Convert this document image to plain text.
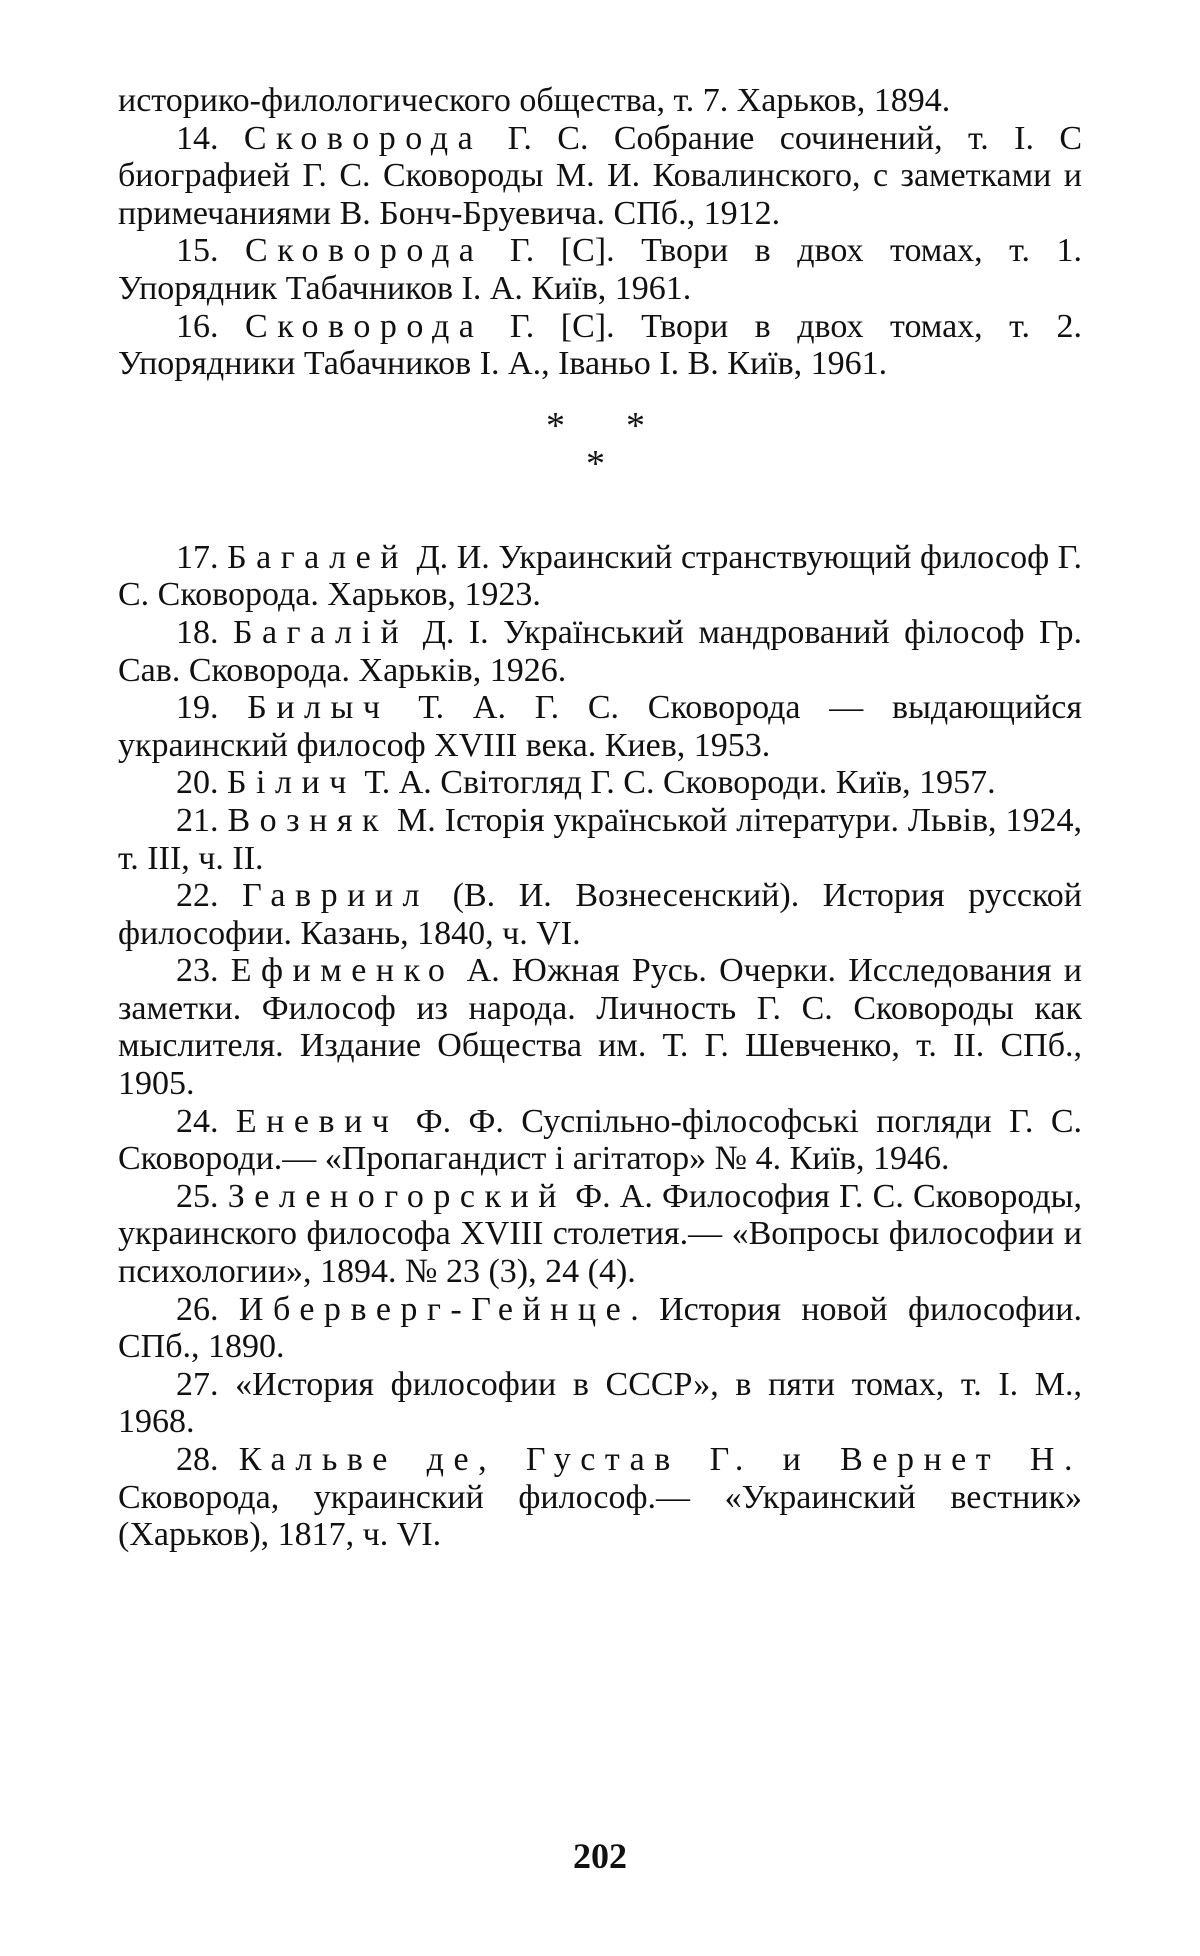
историко-филологического общества, т. 7. Харьков, 1894.

14. Сковорода Г. С. Собрание сочинений, т. I. С биографией Г. С. Сковороды М. И. Ковалинского, с заметками и примечаниями В. Бонч-Бруевича. СПб., 1912.

15. Сковорода Г. [С]. Твори в двох томах, т. 1. Упорядник Табачников I. А. Київ, 1961.

16. Сковорода Г. [С]. Твори в двох томах, т. 2. Упорядники Табачников I. А., Іваньо I. В. Київ, 1961.

* *
*

17. Багалей Д. И. Украинский странствующий философ Г. С. Сковорода. Харьков, 1923.

18. Багалій Д. I. Український мандрований філософ Гр. Сав. Сковорода. Харьків, 1926.

19. Билыч Т. А. Г. С. Сковорода — выдающийся украинский философ XVIII века. Киев, 1953.

20. Білич Т. А. Світогляд Г. С. Сковороди. Київ, 1957.

21. Возняк М. Історія українськой літератури. Львів, 1924, т. III, ч. II.

22. Гавриил (В. И. Вознесенский). История русской философии. Казань, 1840, ч. VI.

23. Ефименко А. Южная Русь. Очерки. Исследования и заметки. Философ из народа. Личность Г. С. Сковороды как мыслителя. Издание Общества им. Т. Г. Шевченко, т. II. СПб., 1905.

24. Еневич Ф. Ф. Суспільно-філософські погляди Г. С. Сковороди.— «Пропагандист і агітатор» № 4. Київ, 1946.

25. Зеленогорский Ф. А. Философия Г. С. Сковороды, украинского философа XVIII столетия.— «Вопросы философии и психологии», 1894. № 23 (3), 24 (4).

26. Иберверг-Гейнце. История новой философии. СПб., 1890.

27. «История философии в СССР», в пяти томах, т. I. М., 1968.

28. Кальве де, Густав Г. и Вернет Н. Сковорода, украинский философ.— «Украинский вестник» (Харьков), 1817, ч. VI.

202
